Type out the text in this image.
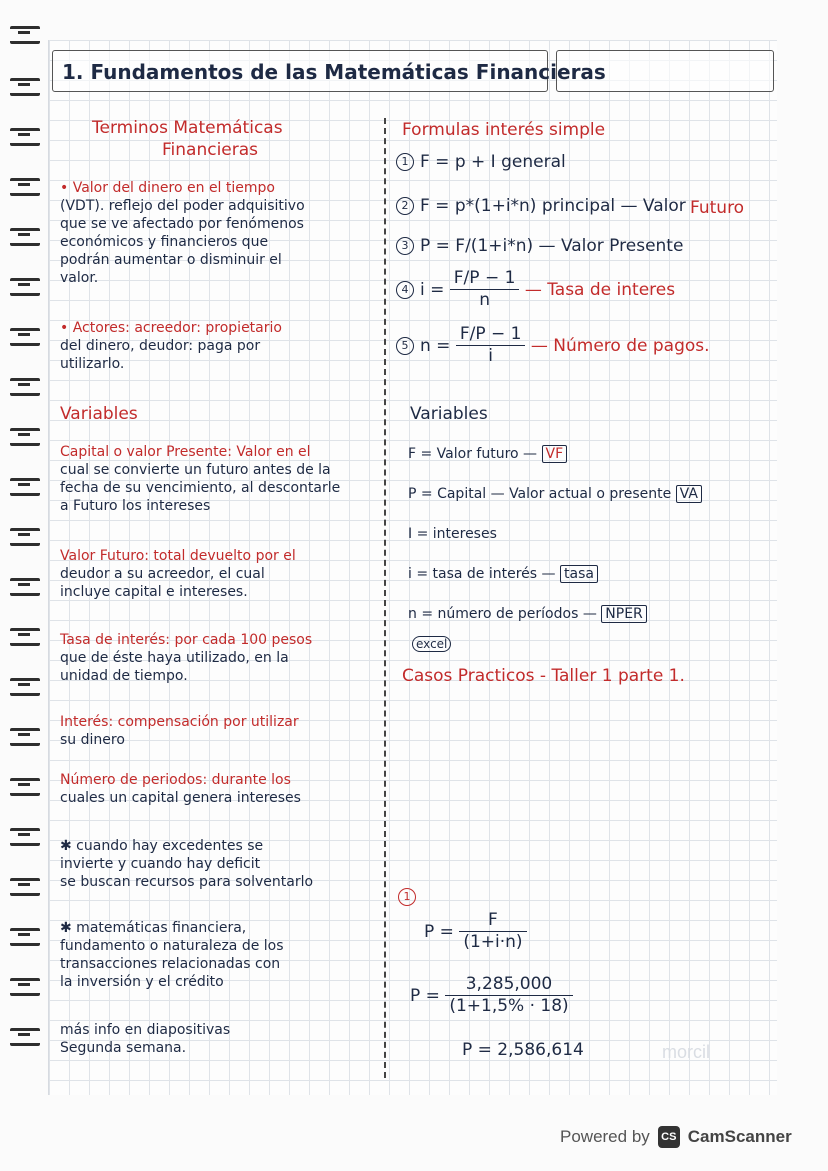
1. Fundamentos de las Matemáticas Financieras
Terminos Matemáticas
Financieras
• Valor del dinero en el tiempo
(VDT). reflejo del poder adquisitivo
que se ve afectado por fenómenos
económicos y financieros que
podrán aumentar o disminuir el
valor.
• Actores: acreedor: propietario
del dinero, deudor: paga por
utilizarlo.
Variables
Capital o valor Presente: Valor en el
cual se convierte un futuro antes de la
fecha de su vencimiento, al descontarle
a Futuro los intereses
Valor Futuro: total devuelto por el
deudor a su acreedor, el cual
incluye capital e intereses.
Tasa de interés: por cada 100 pesos
que de éste haya utilizado, en la
unidad de tiempo.
Interés: compensación por utilizar
su dinero
Número de periodos: durante los
cuales un capital genera intereses
✱ cuando hay excedentes se
invierte y cuando hay deficit
se buscan recursos para solventarlo
✱ matemáticas financiera,
fundamento o naturaleza de los
transacciones relacionadas con
la inversión y el crédito
más info en diapositivas
Segunda semana.
Formulas interés simple
1 F = p + I general
2 F = p*(1+i*n) principal — Valor Futuro
3 P = F/(1+i*n) — Valor Presente
4 $i = \frac{F/P - 1}{n}$ — Tasa de interes
5 $n = \frac{F/P - 1}{i}$ — Número de pagos.
Variables
F = Valor futuro — VF
P = Capital — Valor actual o presente VA
I = intereses
i = tasa de interés — tasa
n = número de períodos — NPER
excel
Casos Practicos - Taller 1 parte 1.
1
$P = \frac{F}{(1+i\cdot n)}$
$P = \frac{3,285,000}{(1+1,5\% \cdot 18)}$
P = 2,586,614	morcil
Powered by	CS CamScanner
